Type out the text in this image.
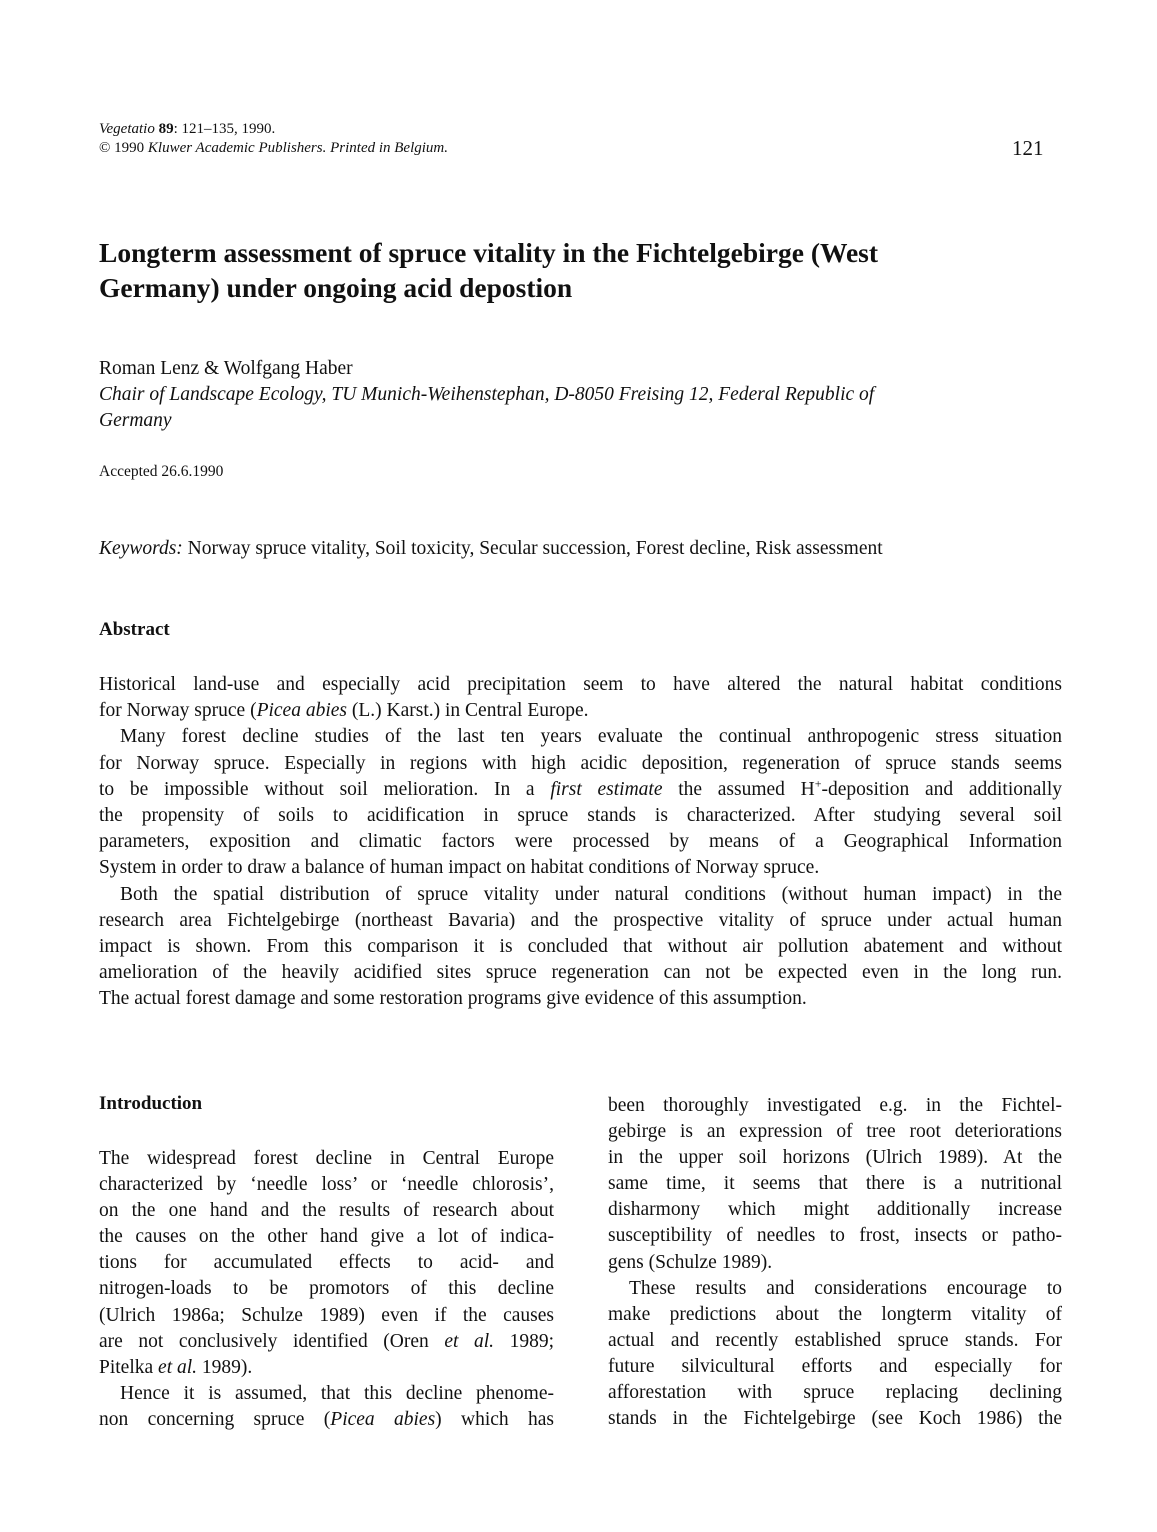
Vegetatio 89: 121–135, 1990.
© 1990 Kluwer Academic Publishers. Printed in Belgium.	121
Longterm assessment of spruce vitality in the Fichtelgebirge (West
Germany) under ongoing acid depostion
Roman Lenz & Wolfgang Haber
Chair of Landscape Ecology, TU Munich-Weihenstephan, D-8050 Freising 12, Federal Republic of
Germany
Accepted 26.6.1990
Keywords: Norway spruce vitality, Soil toxicity, Secular succession, Forest decline, Risk assessment
Abstract
Historical land-use and especially acid precipitation seem to have altered the natural habitat conditions
for Norway spruce (Picea abies (L.) Karst.) in Central Europe.
Many forest decline studies of the last ten years evaluate the continual anthropogenic stress situation
for Norway spruce. Especially in regions with high acidic deposition, regeneration of spruce stands seems
to be impossible without soil melioration. In a first estimate the assumed H+-deposition and additionally
the propensity of soils to acidification in spruce stands is characterized. After studying several soil
parameters, exposition and climatic factors were processed by means of a Geographical Information
System in order to draw a balance of human impact on habitat conditions of Norway spruce.
Both the spatial distribution of spruce vitality under natural conditions (without human impact) in the
research area Fichtelgebirge (northeast Bavaria) and the prospective vitality of spruce under actual human
impact is shown. From this comparison it is concluded that without air pollution abatement and without
amelioration of the heavily acidified sites spruce regeneration can not be expected even in the long run.
The actual forest damage and some restoration programs give evidence of this assumption.
Introduction
The widespread forest decline in Central Europe
characterized by ‘needle loss’ or ‘needle chlorosis’,
on the one hand and the results of research about
the causes on the other hand give a lot of indica-
tions for accumulated effects to acid- and
nitrogen-loads to be promotors of this decline
(Ulrich 1986a; Schulze 1989) even if the causes
are not conclusively identified (Oren et al. 1989;
Pitelka et al. 1989).
Hence it is assumed, that this decline phenome-
non concerning spruce (Picea abies) which has
been thoroughly investigated e.g. in the Fichtel-
gebirge is an expression of tree root deteriorations
in the upper soil horizons (Ulrich 1989). At the
same time, it seems that there is a nutritional
disharmony which might additionally increase
susceptibility of needles to frost, insects or patho-
gens (Schulze 1989).
These results and considerations encourage to
make predictions about the longterm vitality of
actual and recently established spruce stands. For
future silvicultural efforts and especially for
afforestation with spruce replacing declining
stands in the Fichtelgebirge (see Koch 1986) the
